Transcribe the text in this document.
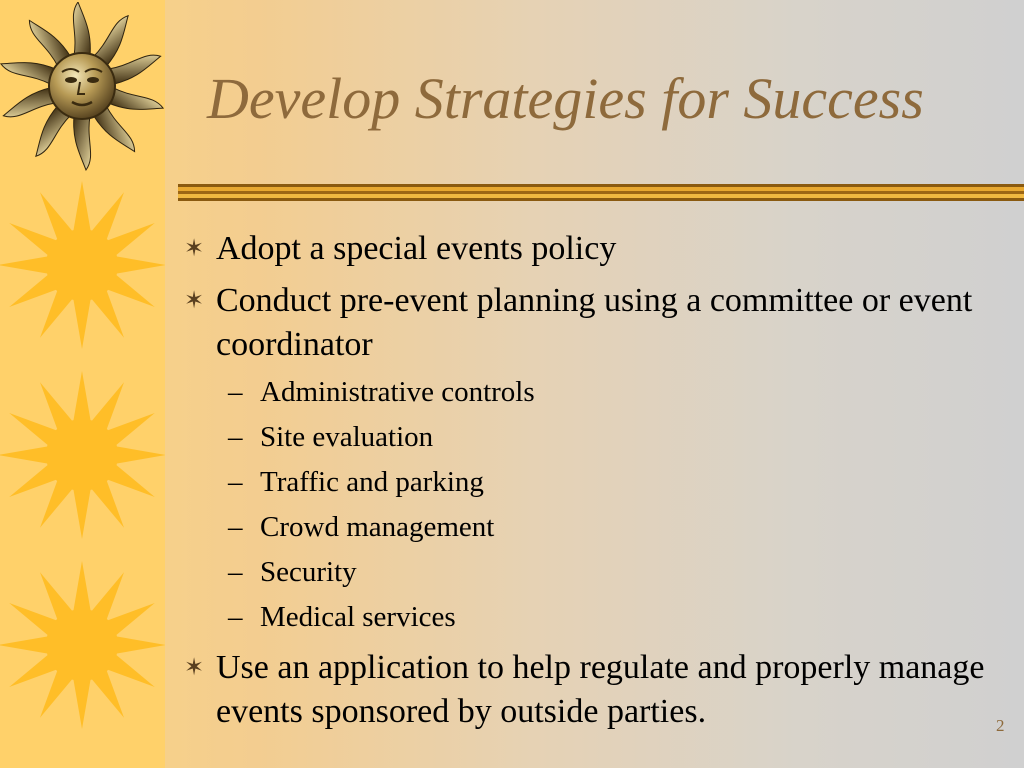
Develop Strategies for Success
✶ Adopt a special events policy
✶ Conduct pre-event planning using a committee or event coordinator
– Administrative controls
– Site evaluation
– Traffic and parking
– Crowd management
– Security
– Medical services
✶ Use an application to help regulate and properly manage events sponsored by outside parties.	2
